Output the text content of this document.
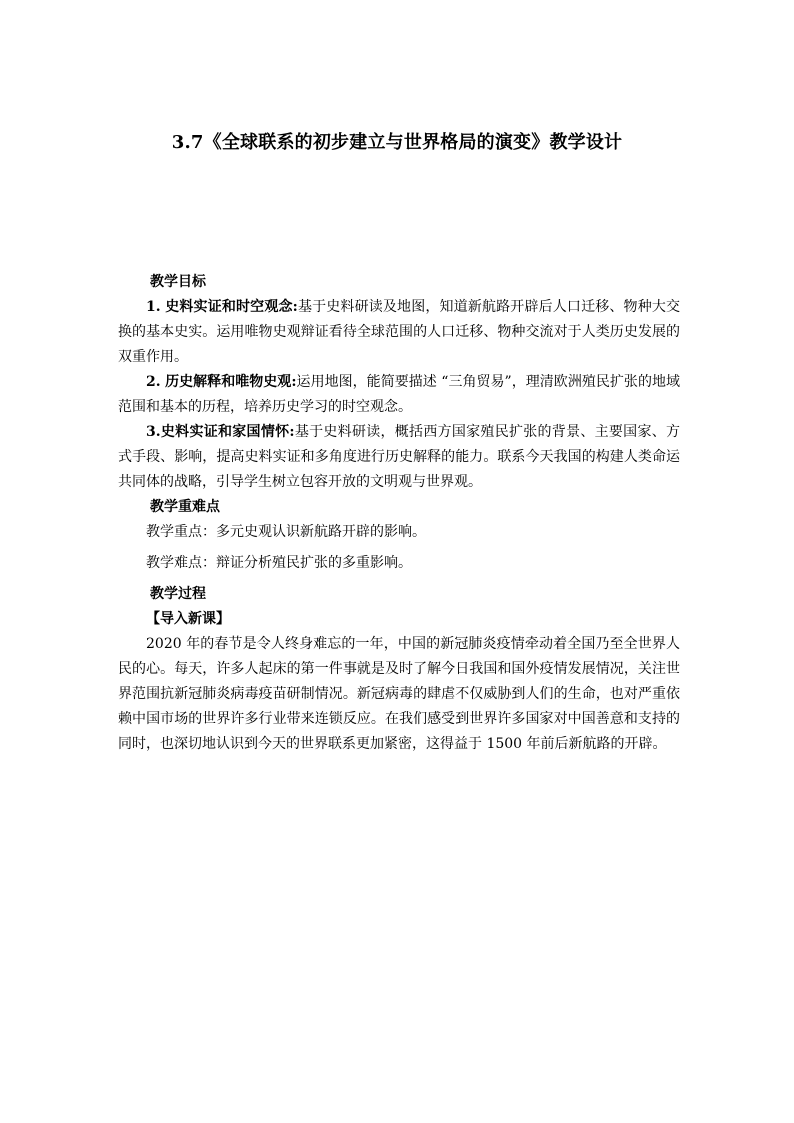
3.7《全球联系的初步建立与世界格局的演变》教学设计

教学目标

1. 史料实证和时空观念:基于史料研读及地图，知道新航路开辟后人口迁移、物种大交换的基本史实。运用唯物史观辩证看待全球范围的人口迁移、物种交流对于人类历史发展的双重作用。

2. 历史解释和唯物史观:运用地图，能简要描述 “三角贸易”，理清欧洲殖民扩张的地域范围和基本的历程，培养历史学习的时空观念。

3.史料实证和家国情怀:基于史料研读，概括西方国家殖民扩张的背景、主要国家、方式手段、影响，提高史料实证和多角度进行历史解释的能力。联系今天我国的构建人类命运共同体的战略，引导学生树立包容开放的文明观与世界观。

教学重难点

教学重点：多元史观认识新航路开辟的影响。

教学难点：辩证分析殖民扩张的多重影响。

教学过程

【导入新课】

2020 年的春节是令人终身难忘的一年，中国的新冠肺炎疫情牵动着全国乃至全世界人民的心。每天，许多人起床的第一件事就是及时了解今日我国和国外疫情发展情况，关注世界范围抗新冠肺炎病毒疫苗研制情况。新冠病毒的肆虐不仅威胁到人们的生命，也对严重依赖中国市场的世界许多行业带来连锁反应。在我们感受到世界许多国家对中国善意和支持的同时，也深切地认识到今天的世界联系更加紧密，这得益于 1500 年前后新航路的开辟。
